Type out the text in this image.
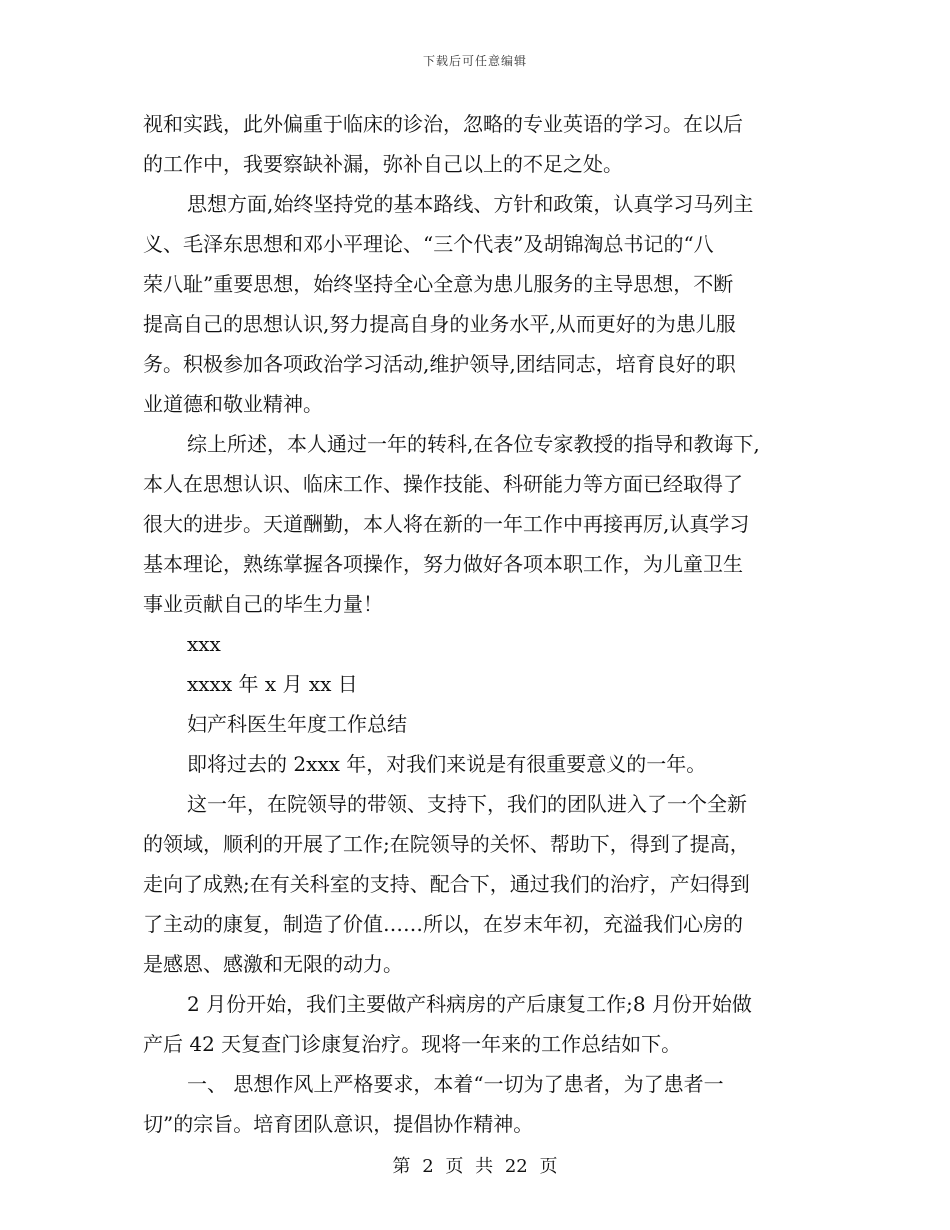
下载后可任意编辑
视和实践，此外偏重于临床的诊治，忽略的专业英语的学习。在以后
的工作中，我要察缺补漏，弥补自己以上的不足之处。
思想方面,始终坚持党的基本路线、方针和政策，认真学习马列主
义、毛泽东思想和邓小平理论、“三个代表”及胡锦淘总书记的“八
荣八耻”重要思想，始终坚持全心全意为患儿服务的主导思想，不断
提高自己的思想认识,努力提高自身的业务水平,从而更好的为患儿服
务。积极参加各项政治学习活动,维护领导,团结同志，培育良好的职
业道德和敬业精神。
综上所述，本人通过一年的转科,在各位专家教授的指导和教诲下,
本人在思想认识、临床工作、操作技能、科研能力等方面已经取得了
很大的进步。天道酬勤，本人将在新的一年工作中再接再厉,认真学习
基本理论，熟练掌握各项操作，努力做好各项本职工作，为儿童卫生
事业贡献自己的毕生力量！
xxx
xxxx 年 x 月 xx 日
妇产科医生年度工作总结
即将过去的 2xxx 年，对我们来说是有很重要意义的一年。
这一年，在院领导的带领、支持下，我们的团队进入了一个全新
的领域，顺利的开展了工作;在院领导的关怀、帮助下，得到了提高，
走向了成熟;在有关科室的支持、配合下，通过我们的治疗，产妇得到
了主动的康复，制造了价值……所以，在岁末年初，充溢我们心房的
是感恩、感激和无限的动力。
2 月份开始，我们主要做产科病房的产后康复工作;8 月份开始做
产后 42 天复查门诊康复治疗。现将一年来的工作总结如下。
一、 思想作风上严格要求，本着“一切为了患者，为了患者一
切”的宗旨。培育团队意识，提倡协作精神。
第 2 页 共 22 页
